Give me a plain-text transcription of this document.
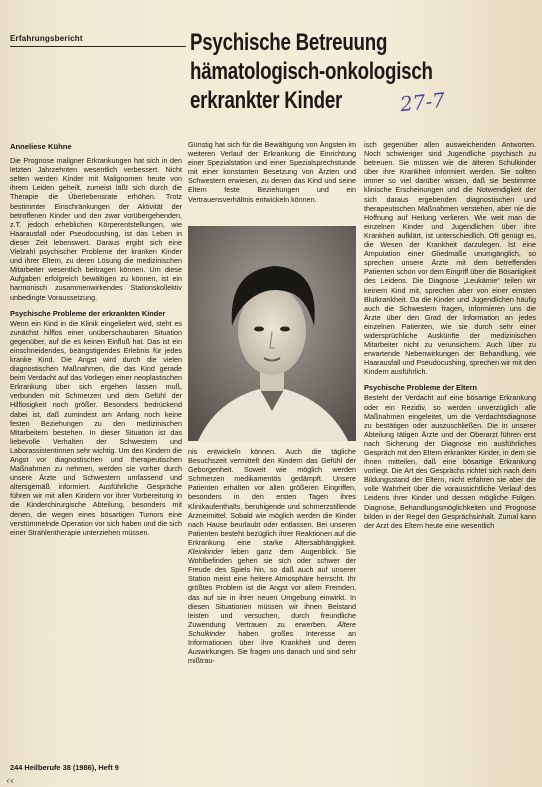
Erfahrungsbericht	Psychische Betreuung
hämatologisch-onkologisch
erkrankter Kinder	27-7
Anneliese Kühne

Die Prognose maligner Erkrankungen hat sich in den letzten Jahrzehnten wesentlich verbessert. Nicht selten werden Kinder mit Malignomen heute von ihrem Leiden geheilt, zumeist läßt sich durch die Therapie die Überlebensrate erhöhen. Trotz bestimmter Einschränkungen der Aktivität der betroffenen Kinder und den zwar vorübergehenden, z.T. jedoch erheblichen Körperentstellungen, wie Haarausfall oder Pseudocushing, ist das Leben in dieser Zeit lebenswert. Daraus ergibt sich eine Vielzahl psychischer Probleme der kranken Kinder und ihrer Eltern, zu deren Lösung die medizinischen Mitarbeiter wesentlich beitragen können. Um diese Aufgaben erfolgreich bewältigen zu können, ist ein harmonisch zusammenwirkendes Stationskollektiv unbedingte Voraussetzung.

Psychische Probleme der erkrankten Kinder

Wenn ein Kind in die Klinik eingeliefert wird, steht es zunächst hilflos einer unüberschaubaren Situation gegenüber, auf die es keinen Einfluß hat. Das ist ein einschneidendes, beängstigendes Erlebnis für jedes kranke Kind. Die Angst wird durch die vielen diagnostischen Maßnahmen, die das Kind gerade beim Verdacht auf das Vorliegen einer neoplastischen Erkrankung über sich ergehen lassen muß, verbunden mit Schmerzen und dem Gefühl der Hilflosigkeit noch größer. Besonders bedrückend dabei ist, daß zumindest am Anfang noch keine festen Beziehungen zu den medizinischen Mitarbeitern bestehen. In dieser Situation ist das liebevolle Verhalten der Schwestern und Laborassistentinnen sehr wichtig. Um den Kindern die Angst vor diagnostischen und therapeutischen Maßnahmen zu nehmen, werden sie vorher durch unsere Ärzte und Schwestern umfassend und altersgemäß informiert. Ausführliche Gespräche führen wir mit allen Kindern vor ihrer Vorbereitung in die Kinderchirurgische Abteilung, besonders mit denen, die wegen eines bösartigen Tumors eine verstümmelnde Operation vor sich haben und die sich einer Strahlentherapie unterziehen müssen.

Günstig hat sich für die Bewältigung von Ängsten im weiteren Verlauf der Erkrankung die Einrichtung einer Spezialstation und einer Spezialsprechstunde mit einer konstanten Besetzung von Ärzten und Schwestern erwiesen, zu denen das Kind und seine Eltern feste Beziehungen und ein Vertrauensverhältnis entwickeln können.

nis entwickeln können. Auch die tägliche Besuchszeit vermittelt den Kindern das Gefühl der Geborgenheit. Soweit wie möglich werden Schmerzen medikamentös gedämpft. Unsere Patienten erhalten vor allen größeren Eingriffen, besonders in den ersten Tagen ihres Klinikaufenthalts, beruhigende und schmerzstillende Arzneimittel. Sobald wie möglich werden die Kinder nach Hause beurlaubt oder entlassen. Bei unseren Patienten besteht bezüglich ihrer Reaktionen auf die Erkrankung eine starke Altersabhängigkeit. Kleinkinder leben ganz dem Augenblick. Sie Wohlbefinden gehen sie sich oder schwer der Freude des Spiels hin, so daß auch auf unserer Station meist eine heitere Atmosphäre herrscht. Ihr größtes Problem ist die Angst vor allem Fremden, das auf sie in ihrer neuen Umgebung einwirkt. In diesen Situationen müssen wir ihnen Beistand leisten und versuchen, durch freundliche Zuwendung Vertrauen zu erwerben. Ältere Schulkinder haben großes Interesse an Informationen über ihre Krankheit und deren Auswirkungen. Sie fragen uns danach und sind sehr mißtrau-

isch gegenüber allen ausweichenden Antworten. Noch schwieriger sind Jugendliche psychisch zu betreuen. Sie müssen wie die älteren Schulkinder über ihre Krankheit informiert werden. Sie sollten immer so viel darüber wissen, daß sie bestimmte klinische Erscheinungen und die Notwendigkeit der sich daraus ergebenden diagnostischen und therapeutischen Maßnahmen verstehen, aber nie die Hoffnung auf Heilung verlieren. Wie weit man die einzelnen Kinder und Jugendlichen über ihre Krankheit aufklärt, ist unterschiedlich. Oft genügt es, die Wesen der Krankheit darzulegen. Ist eine Amputation einer Gliedmaße unumgänglich, so sprechen unsere Ärzte mit dem betreffenden Patienten schon vor dem Eingriff über die Bösartigkeit des Leidens. Die Diagnose „Leukämie“ teilen wir keinem Kind mit, sprechen aber von einer ernsten Blutkrankheit. Da die Kinder und Jugendlichen häufig auch die Schwestern fragen, informieren uns die Ärzte über den Grad der Information an jedes einzelnen Patienten, wie sie durch sehr einer widersprüchliche Auskünfte der medizinischen Mitarbeiter nicht zu verunsichern. Auch über zu erwartende Nebenwirkungen der Behandlung, wie Haarausfall und Pseudocushing, sprechen wir mit den Kindern ausführlich.

Psychische Probleme der Eltern

Besteht der Verdacht auf eine bösartige Erkrankung oder ein Rezidiv, so werden unverzüglich alle Maßnahmen eingeleitet, um die Verdachtsdiagnose zu bestätigen oder auszuschließen. Die in unserer Abteilung tätigen Ärzte und der Oberarzt führen erst nach Sicherung der Diagnose ein ausführliches Gespräch mit den Eltern erkrankter Kinder, in dem sie ihnen mitteilen, daß eine bösartige Erkrankung vorliegt. Die Art des Gesprächs richtet sich nach dem Bildungsstand der Eltern, nicht erfahren sie aber die volle Wahrheit über die voraussichtliche Verlauf des Leidens ihrer Kinder und dessen mögliche Folgen. Diagnose, Behandlungsmöglichkeiten und Prognose bilden in der Regel den Gesprächsinhalt. Zumal kann der Arzt des Eltern heute eine wesentlich

244 Heilberufe 38 (1986), Heft 9
‹‹
